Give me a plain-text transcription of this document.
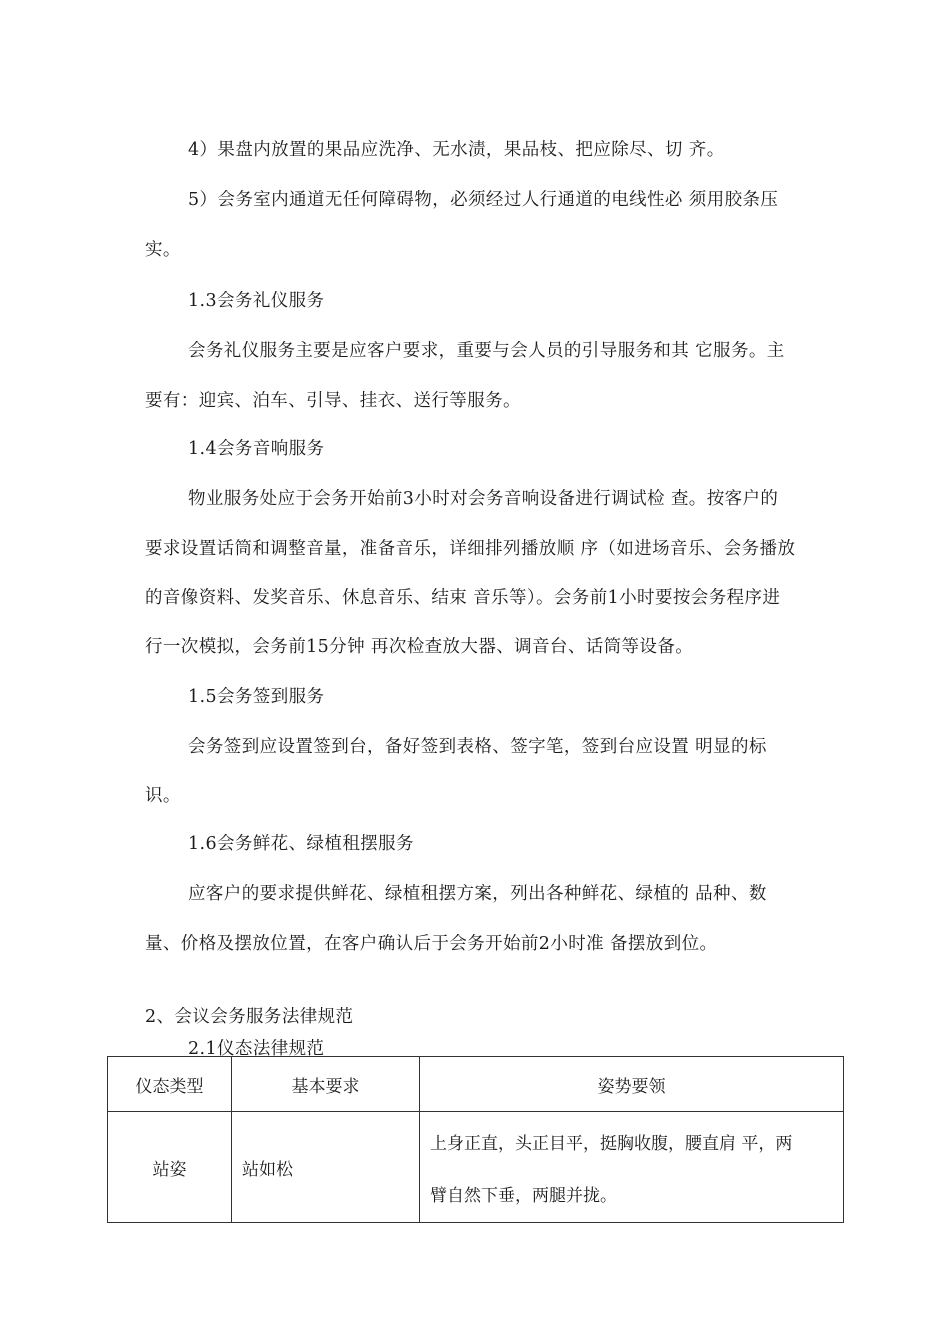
4）果盘内放置的果品应洗净、无水渍，果品枝、把应除尽、切 齐。
5）会务室内通道无任何障碍物，必须经过人行通道的电线性必 须用胶条压
实。
1.3会务礼仪服务
会务礼仪服务主要是应客户要求，重要与会人员的引导服务和其 它服务。主
要有：迎宾、泊车、引导、挂衣、送行等服务。
1.4会务音响服务
物业服务处应于会务开始前3小时对会务音响设备进行调试检 查。按客户的
要求设置话筒和调整音量，准备音乐，详细排列播放顺 序（如进场音乐、会务播放
的音像资料、发奖音乐、休息音乐、结束 音乐等）。会务前1小时要按会务程序进
行一次模拟，会务前15分钟 再次检查放大器、调音台、话筒等设备。
1.5会务签到服务
会务签到应设置签到台，备好签到表格、签字笔，签到台应设置 明显的标
识。
1.6会务鲜花、绿植租摆服务
应客户的要求提供鲜花、绿植租摆方案，列出各种鲜花、绿植的 品种、数
量、价格及摆放位置，在客户确认后于会务开始前2小时准 备摆放到位。
2、会议会务服务法律规范
2.1仪态法律规范
仪态类型	基本要求	姿势要领
站姿	站如松	上身正直，头正目平，挺胸收腹，腰直肩 平，两
臂自然下垂，两腿并拢。
